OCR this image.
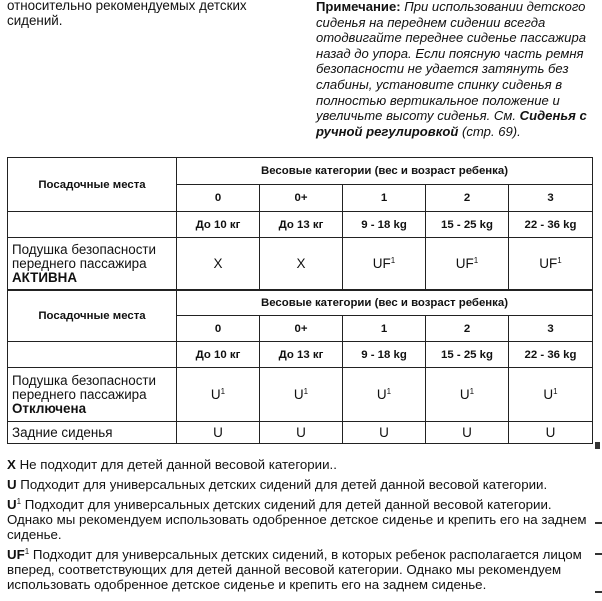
относительно рекомендуемых детских сидений.
Примечание: При использовании детского сиденья на переднем сидении всегда отодвигайте переднее сиденье пассажира назад до упора. Если поясную часть ремня безопасности не удается затянуть без слабины, установите спинку сиденья в полностью вертикальное положение и увеличьте высоту сиденья. См. Сиденья с ручной регулировкой (стр. 69).
Посадочные места	Весовые категории (вес и возраст ребенка)				
	0	0+	1	2	3
	До 10 кг	До 13 кг	9 - 18 kg	15 - 25 kg	22 - 36 kg
Подушка безопасности
переднего пассажира
АКТИВНА	X	X	$UF^1$	$UF^1$	$UF^1$
Посадочные места	Весовые категории (вес и возраст ребенка)				
	0	0+	1	2	3
	До 10 кг	До 13 кг	9 - 18 kg	15 - 25 kg	22 - 36 kg
Подушка безопасности
переднего пассажира
Отключена	$U^1$	$U^1$	$U^1$	$U^1$	$U^1$
Задние сиденья	U	U	U	U	U
X Не подходит для детей данной весовой категории..
U Подходит для универсальных детских сидений для детей данной весовой категории.
$U^1$ Подходит для универсальных детских сидений для детей данной весовой категории. Однако мы рекомендуем использовать одобренное детское сиденье и крепить его на заднем сиденье.
$UF^1$ Подходит для универсальных детских сидений, в которых ребенок располагается лицом вперед, соответствующих для детей данной весовой категории. Однако мы рекомендуем использовать одобренное детское сиденье и крепить его на заднем сиденье.
